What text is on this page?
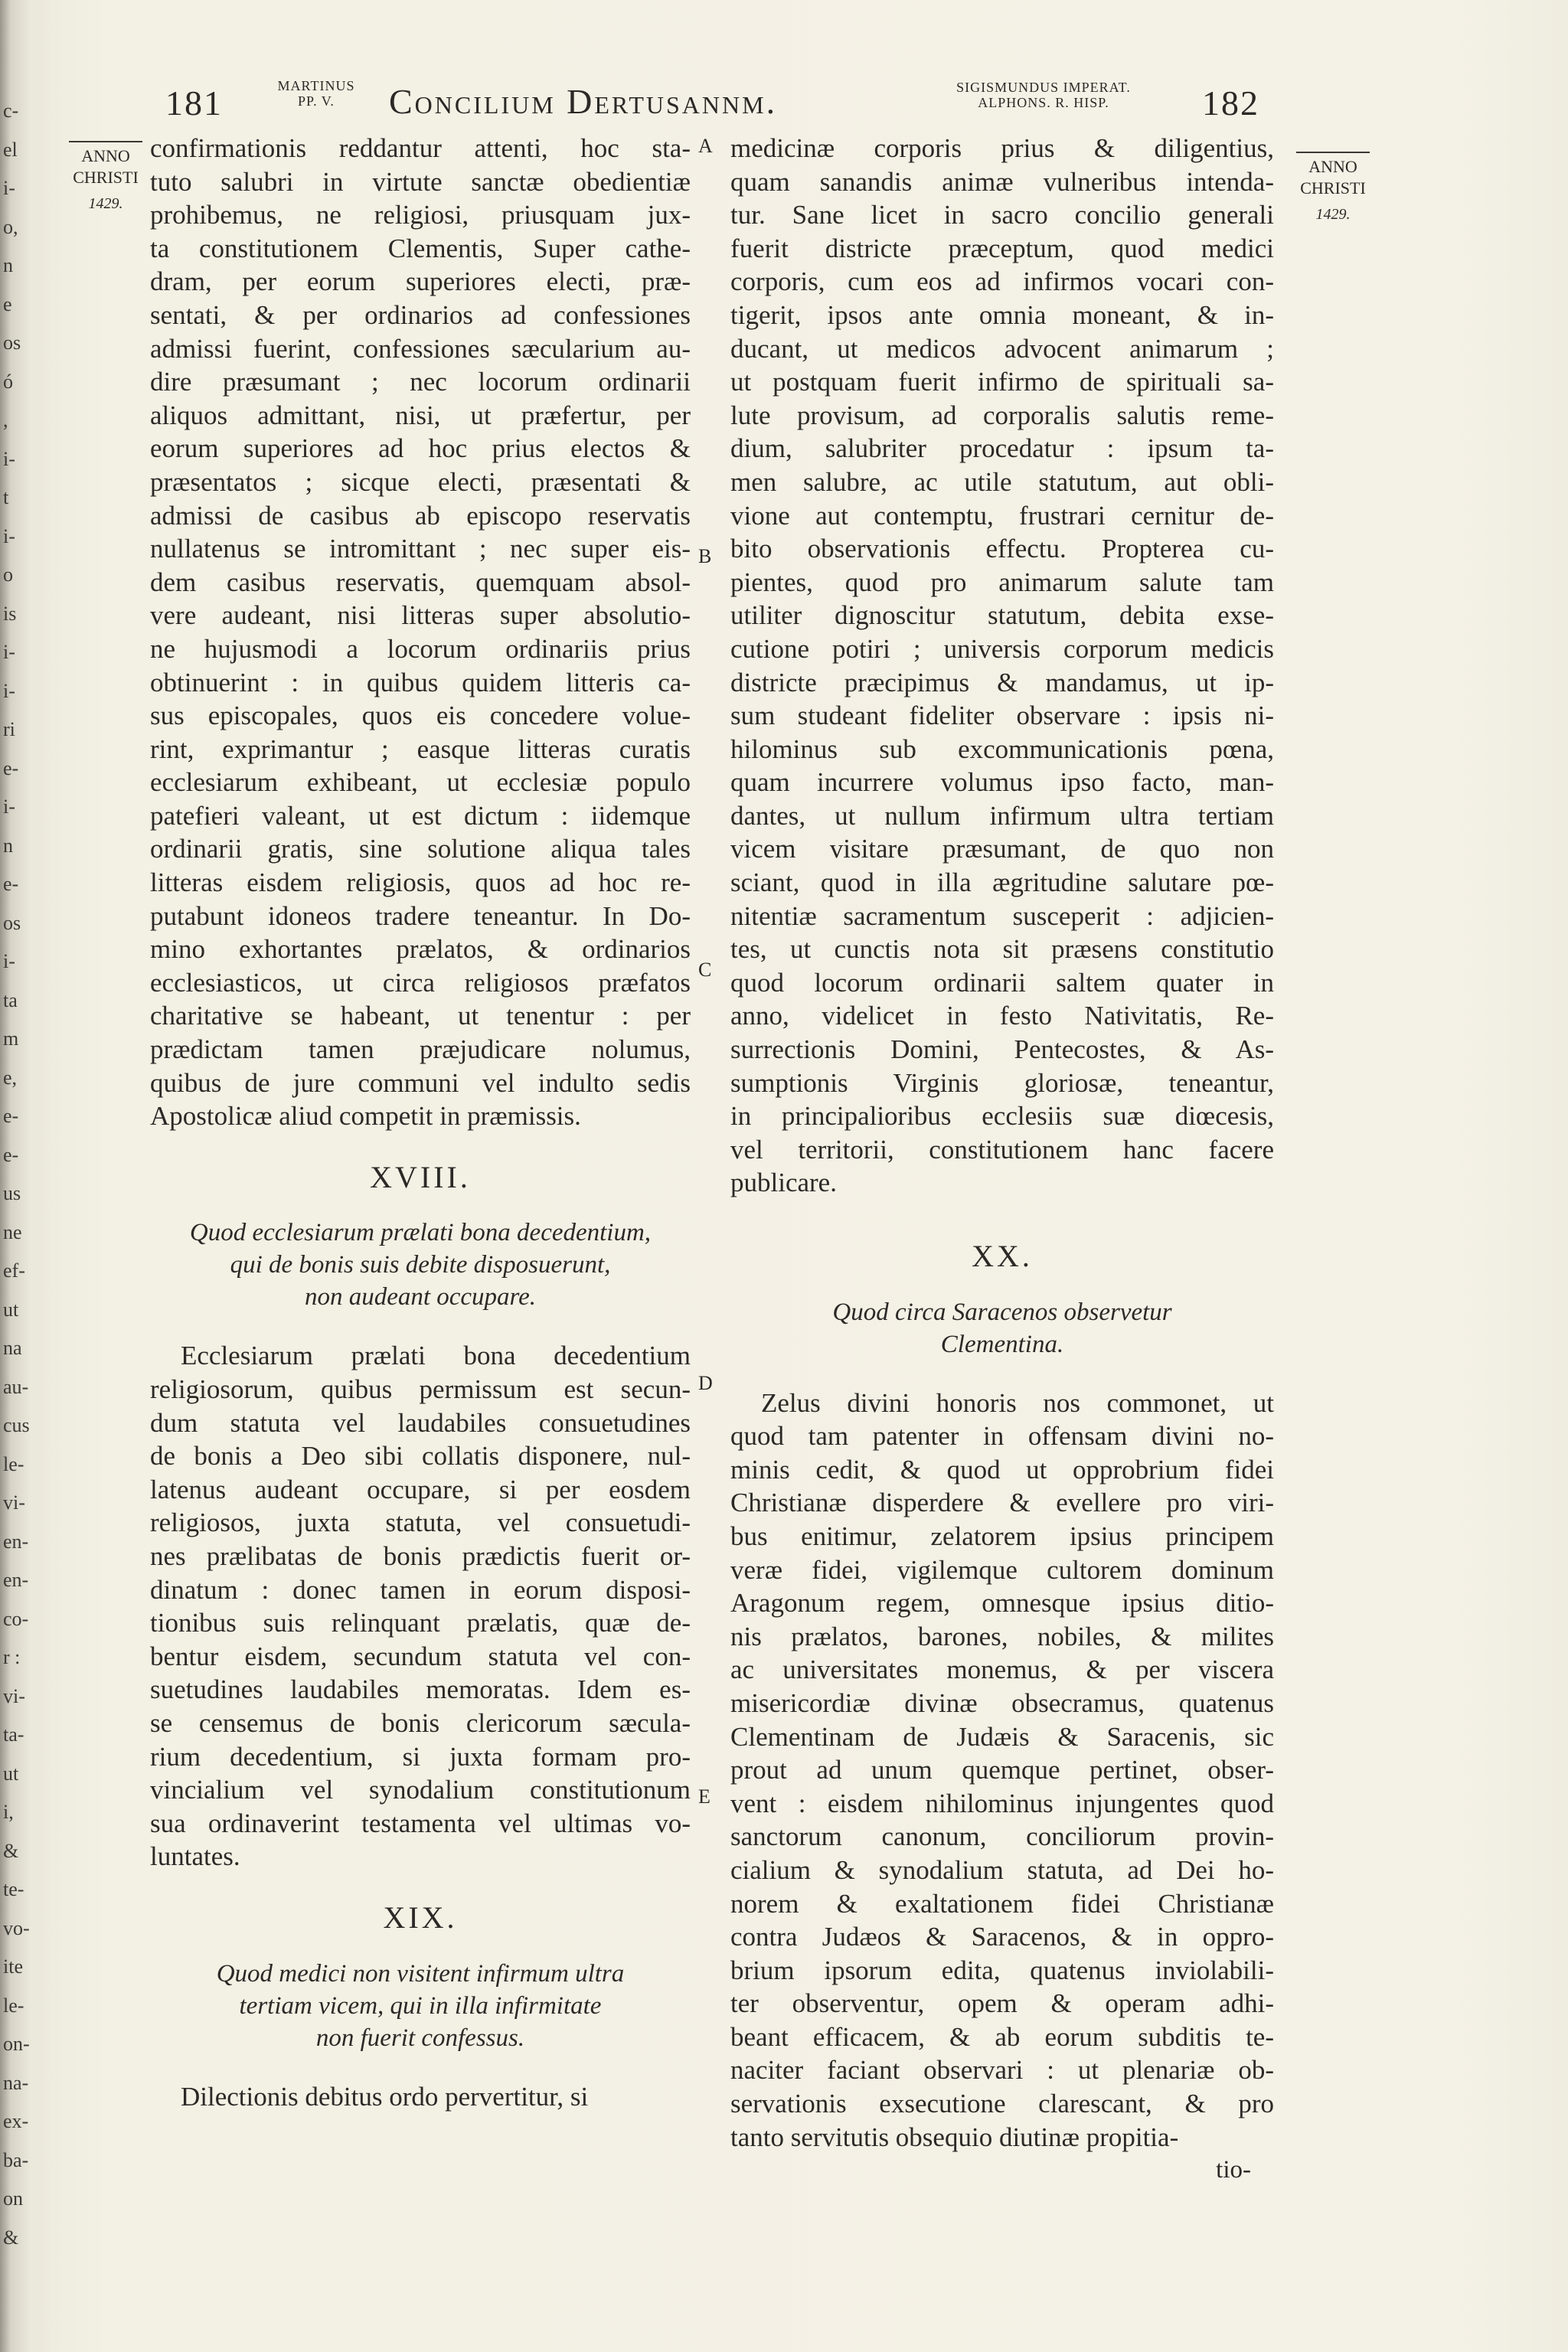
c-
el
i-
o,
n
e
os
ó
,
i-
t
i-
o
is
i-
i-
ri
e-
i-
n
e-
os
i-
ta
m
e,
e-
e-
us
ne
ef-
ut
na
au-
cus
le-
vi-
en-
en-
co-
r :
vi-
ta-
ut
i,
&
te-
vo-
ite
le-
on-
na-
ex-
ba-
on
&
181	MARTINUS
PP. V.	Concilium Dertusannm.	SIGISMUNDUS IMPERAT.
ALPHONS. R. HISP.	182
ANNO
CHRISTI
1429.
ANNO
CHRISTI
1429.
A
B
C
D
E

confirmationis reddantur attenti, hoc sta-

tuto salubri in virtute sanctæ obedientiæ

prohibemus, ne religiosi, priusquam jux-

ta constitutionem Clementis, Super cathe-

dram, per eorum superiores electi, præ-

sentati, & per ordinarios ad confessiones

admissi fuerint, confessiones sæcularium au-

dire præsumant ; nec locorum ordinarii

aliquos admittant, nisi, ut præfertur, per

eorum superiores ad hoc prius electos &

præsentatos ; sicque electi, præsentati &

admissi de casibus ab episcopo reservatis

nullatenus se intromittant ; nec super eis-

dem casibus reservatis, quemquam absol-

vere audeant, nisi litteras super absolutio-

ne hujusmodi a locorum ordinariis prius

obtinuerint : in quibus quidem litteris ca-

sus episcopales, quos eis concedere volue-

rint, exprimantur ; easque litteras curatis

ecclesiarum exhibeant, ut ecclesiæ populo

patefieri valeant, ut est dictum : iidemque

ordinarii gratis, sine solutione aliqua tales

litteras eisdem religiosis, quos ad hoc re-

putabunt idoneos tradere teneantur. In Do-

mino exhortantes prælatos, & ordinarios

ecclesiasticos, ut circa religiosos præfatos

charitative se habeant, ut tenentur : per

prædictam tamen præjudicare nolumus,

quibus de jure communi vel indulto sedis

Apostolicæ aliud competit in præmissis.

XVIII.
Quod ecclesiarum prælati bona decedentium,
qui de bonis suis debite disposuerunt,
non audeant occupare.

Ecclesiarum prælati bona decedentium

religiosorum, quibus permissum est secun-

dum statuta vel laudabiles consuetudines

de bonis a Deo sibi collatis disponere, nul-

latenus audeant occupare, si per eosdem

religiosos, juxta statuta, vel consuetudi-

nes prælibatas de bonis prædictis fuerit or-

dinatum : donec tamen in eorum disposi-

tionibus suis relinquant prælatis, quæ de-

bentur eisdem, secundum statuta vel con-

suetudines laudabiles memoratas. Idem es-

se censemus de bonis clericorum sæcula-

rium decedentium, si juxta formam pro-

vincialium vel synodalium constitutionum

sua ordinaverint testamenta vel ultimas vo-

luntates.

XIX.
Quod medici non visitent infirmum ultra
tertiam vicem, qui in illa infirmitate
non fuerit confessus.

Dilectionis debitus ordo pervertitur, si

medicinæ corporis prius & diligentius,

quam sanandis animæ vulneribus intenda-

tur. Sane licet in sacro concilio generali

fuerit districte præceptum, quod medici

corporis, cum eos ad infirmos vocari con-

tigerit, ipsos ante omnia moneant, & in-

ducant, ut medicos advocent animarum ;

ut postquam fuerit infirmo de spirituali sa-

lute provisum, ad corporalis salutis reme-

dium, salubriter procedatur : ipsum ta-

men salubre, ac utile statutum, aut obli-

vione aut contemptu, frustrari cernitur de-

bito observationis effectu. Propterea cu-

pientes, quod pro animarum salute tam

utiliter dignoscitur statutum, debita exse-

cutione potiri ; universis corporum medicis

districte præcipimus & mandamus, ut ip-

sum studeant fideliter observare : ipsis ni-

hilominus sub excommunicationis pœna,

quam incurrere volumus ipso facto, man-

dantes, ut nullum infirmum ultra tertiam

vicem visitare præsumant, de quo non

sciant, quod in illa ægritudine salutare pœ-

nitentiæ sacramentum susceperit : adjicien-

tes, ut cunctis nota sit præsens constitutio

quod locorum ordinarii saltem quater in

anno, videlicet in festo Nativitatis, Re-

surrectionis Domini, Pentecostes, & As-

sumptionis Virginis gloriosæ, teneantur,

in principalioribus ecclesiis suæ diœcesis,

vel territorii, constitutionem hanc facere

publicare.

XX.
Quod circa Saracenos observetur
Clementina.

Zelus divini honoris nos commonet, ut

quod tam patenter in offensam divini no-

minis cedit, & quod ut opprobrium fidei

Christianæ disperdere & evellere pro viri-

bus enitimur, zelatorem ipsius principem

veræ fidei, vigilemque cultorem dominum

Aragonum regem, omnesque ipsius ditio-

nis prælatos, barones, nobiles, & milites

ac universitates monemus, & per viscera

misericordiæ divinæ obsecramus, quatenus

Clementinam de Judæis & Saracenis, sic

prout ad unum quemque pertinet, obser-

vent : eisdem nihilominus injungentes quod

sanctorum canonum, conciliorum provin-

cialium & synodalium statuta, ad Dei ho-

norem & exaltationem fidei Christianæ

contra Judæos & Saracenos, & in oppro-

brium ipsorum edita, quatenus inviolabili-

ter observentur, opem & operam adhi-

beant efficacem, & ab eorum subditis te-

naciter faciant observari : ut plenariæ ob-

servationis exsecutione clarescant, & pro

tanto servitutis obsequio diutinæ propitia-

tio-
